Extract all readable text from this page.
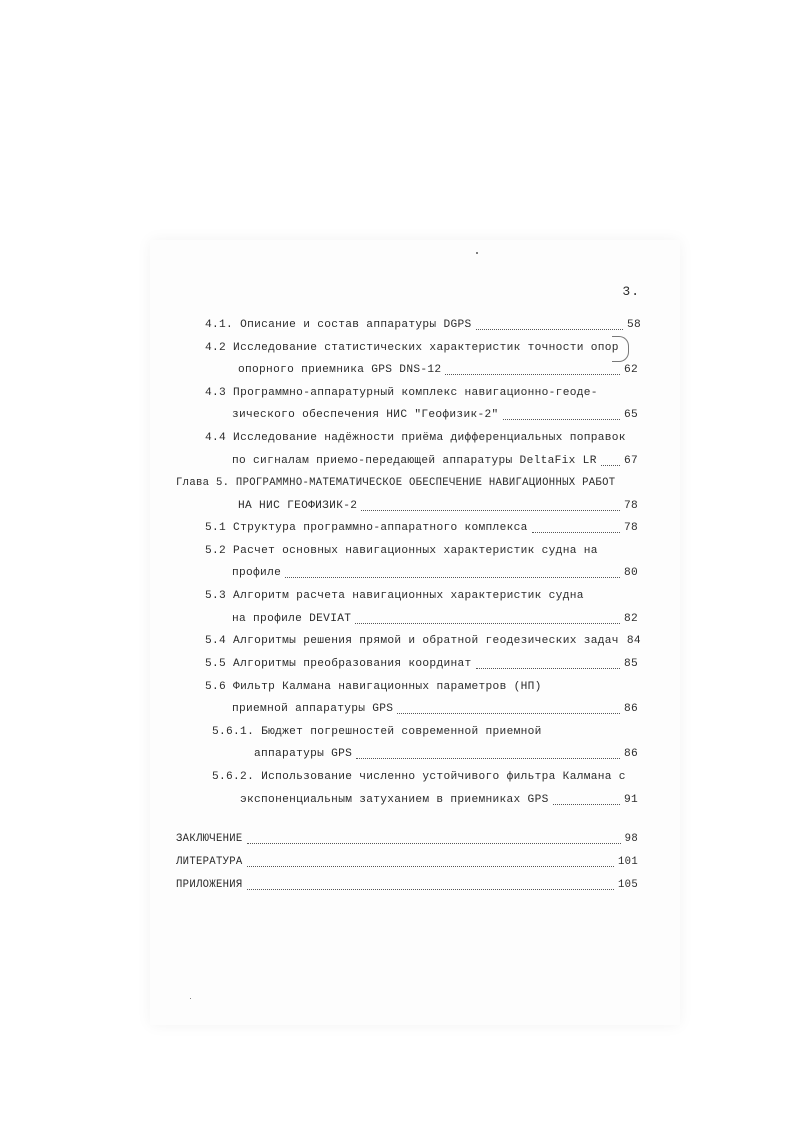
3.
4.1. Описание и состав аппаратуры DGPS	58
4.2 Исследование статистических характеристик точности опор
опорного приемника GPS DNS-12	62
4.3 Программно-аппаратурный комплекс навигационно-геоде-
зического обеспечения НИС "Геофизик-2"	65
4.4 Исследование надёжности приёма дифференциальных поправок
по сигналам приемо-передающей аппаратуры DeltaFix LR 67
Глава 5. ПРОГРАММНО-МАТЕМАТИЧЕСКОЕ ОБЕСПЕЧЕНИЕ НАВИГАЦИОННЫХ РАБОТ
НА НИС ГЕОФИЗИК-2	78
5.1 Структура программно-аппаратного комплекса	78
5.2 Расчет основных навигационных характеристик судна на
профиле	80
5.3 Алгоритм расчета навигационных характеристик судна
на профиле DEVIAT	82
5.4 Алгоритмы решения прямой и обратной геодезических задач 84
5.5 Алгоритмы преобразования координат	85
5.6 Фильтр Калмана навигационных параметров (НП)
приемной аппаратуры GPS	86
5.6.1. Бюджет погрешностей современной приемной
аппаратуры GPS	86
5.6.2. Использование численно устойчивого фильтра Калмана с
экспоненциальным затуханием в приемниках GPS	91
ЗАКЛЮЧЕНИЕ	98
ЛИТЕРАТУРА	101
ПРИЛОЖЕНИЯ	105
